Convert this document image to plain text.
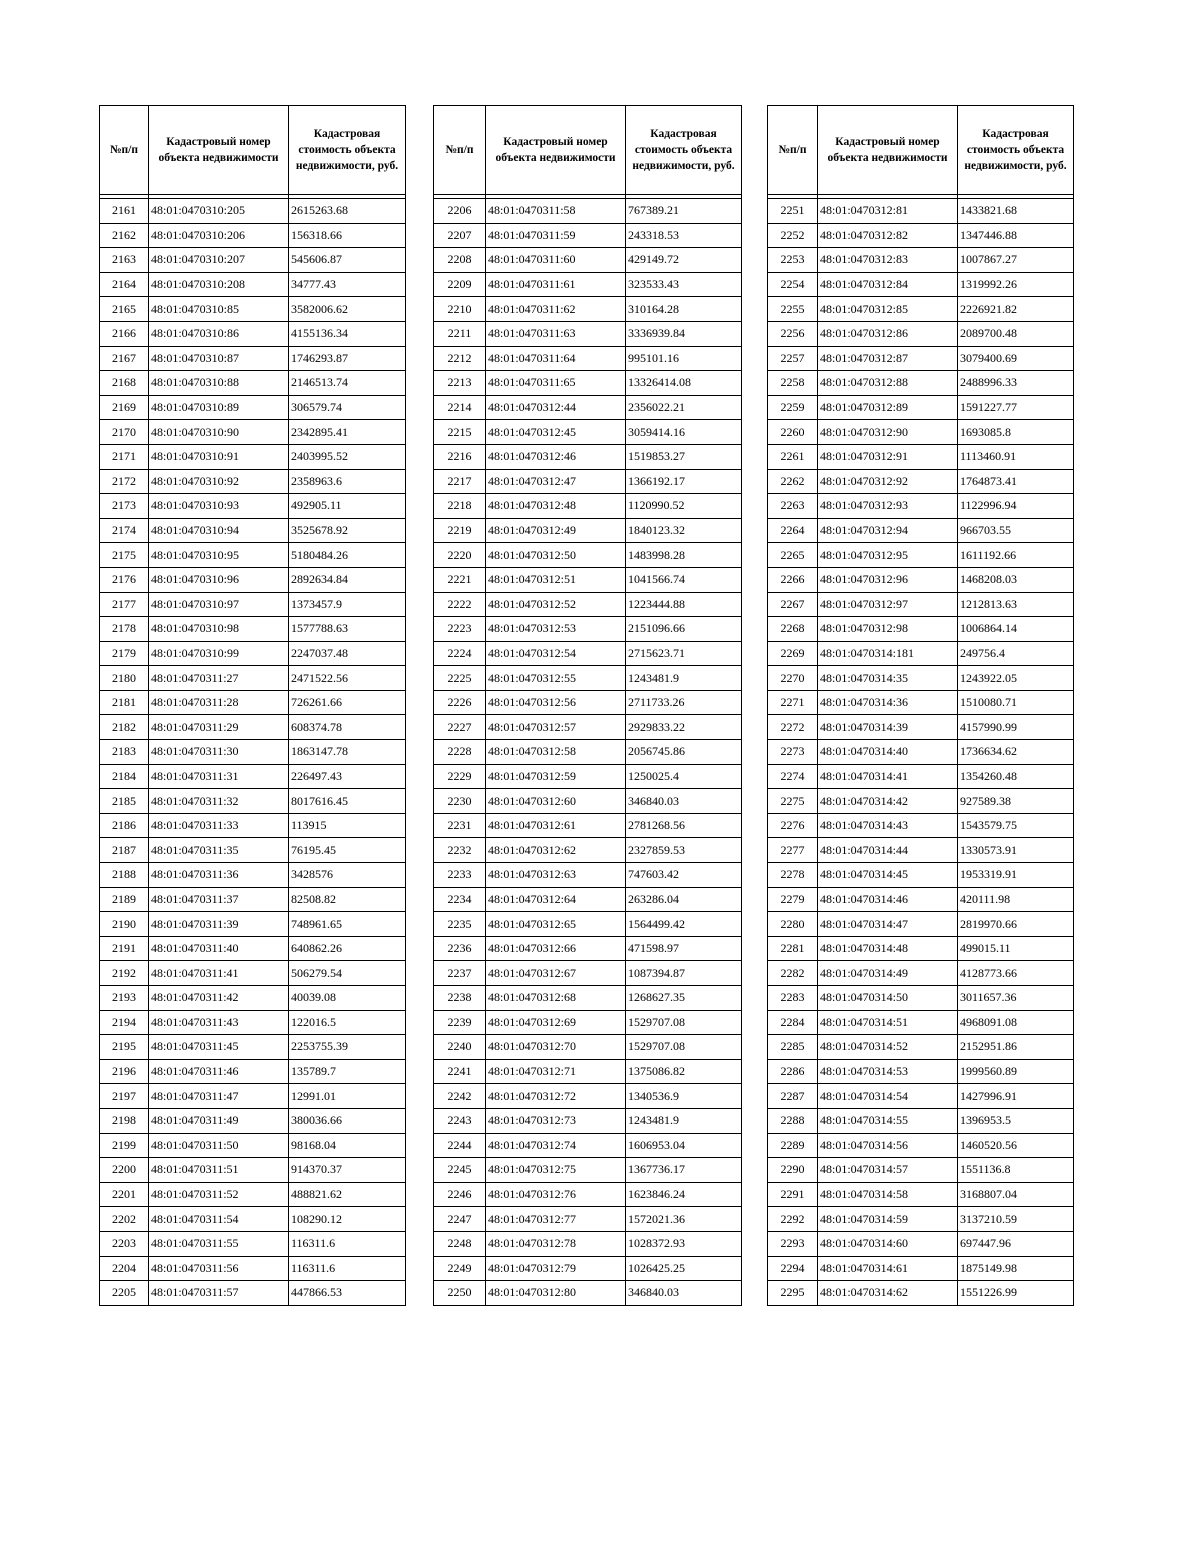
№п/п	Кадастровый номер объекта недвижимости	Кадастровая стоимость объекта недвижимости, руб.

2161	48:01:0470310:205	2615263.68
2162	48:01:0470310:206	156318.66
2163	48:01:0470310:207	545606.87
2164	48:01:0470310:208	34777.43
2165	48:01:0470310:85	3582006.62
2166	48:01:0470310:86	4155136.34
2167	48:01:0470310:87	1746293.87
2168	48:01:0470310:88	2146513.74
2169	48:01:0470310:89	306579.74
2170	48:01:0470310:90	2342895.41
2171	48:01:0470310:91	2403995.52
2172	48:01:0470310:92	2358963.6
2173	48:01:0470310:93	492905.11
2174	48:01:0470310:94	3525678.92
2175	48:01:0470310:95	5180484.26
2176	48:01:0470310:96	2892634.84
2177	48:01:0470310:97	1373457.9
2178	48:01:0470310:98	1577788.63
2179	48:01:0470310:99	2247037.48
2180	48:01:0470311:27	2471522.56
2181	48:01:0470311:28	726261.66
2182	48:01:0470311:29	608374.78
2183	48:01:0470311:30	1863147.78
2184	48:01:0470311:31	226497.43
2185	48:01:0470311:32	8017616.45
2186	48:01:0470311:33	113915
2187	48:01:0470311:35	76195.45
2188	48:01:0470311:36	3428576
2189	48:01:0470311:37	82508.82
2190	48:01:0470311:39	748961.65
2191	48:01:0470311:40	640862.26
2192	48:01:0470311:41	506279.54
2193	48:01:0470311:42	40039.08
2194	48:01:0470311:43	122016.5
2195	48:01:0470311:45	2253755.39
2196	48:01:0470311:46	135789.7
2197	48:01:0470311:47	12991.01
2198	48:01:0470311:49	380036.66
2199	48:01:0470311:50	98168.04
2200	48:01:0470311:51	914370.37
2201	48:01:0470311:52	488821.62
2202	48:01:0470311:54	108290.12
2203	48:01:0470311:55	116311.6
2204	48:01:0470311:56	116311.6
2205	48:01:0470311:57	447866.53
№п/п	Кадастровый номер объекта недвижимости	Кадастровая стоимость объекта недвижимости, руб.

2206	48:01:0470311:58	767389.21
2207	48:01:0470311:59	243318.53
2208	48:01:0470311:60	429149.72
2209	48:01:0470311:61	323533.43
2210	48:01:0470311:62	310164.28
2211	48:01:0470311:63	3336939.84
2212	48:01:0470311:64	995101.16
2213	48:01:0470311:65	13326414.08
2214	48:01:0470312:44	2356022.21
2215	48:01:0470312:45	3059414.16
2216	48:01:0470312:46	1519853.27
2217	48:01:0470312:47	1366192.17
2218	48:01:0470312:48	1120990.52
2219	48:01:0470312:49	1840123.32
2220	48:01:0470312:50	1483998.28
2221	48:01:0470312:51	1041566.74
2222	48:01:0470312:52	1223444.88
2223	48:01:0470312:53	2151096.66
2224	48:01:0470312:54	2715623.71
2225	48:01:0470312:55	1243481.9
2226	48:01:0470312:56	2711733.26
2227	48:01:0470312:57	2929833.22
2228	48:01:0470312:58	2056745.86
2229	48:01:0470312:59	1250025.4
2230	48:01:0470312:60	346840.03
2231	48:01:0470312:61	2781268.56
2232	48:01:0470312:62	2327859.53
2233	48:01:0470312:63	747603.42
2234	48:01:0470312:64	263286.04
2235	48:01:0470312:65	1564499.42
2236	48:01:0470312:66	471598.97
2237	48:01:0470312:67	1087394.87
2238	48:01:0470312:68	1268627.35
2239	48:01:0470312:69	1529707.08
2240	48:01:0470312:70	1529707.08
2241	48:01:0470312:71	1375086.82
2242	48:01:0470312:72	1340536.9
2243	48:01:0470312:73	1243481.9
2244	48:01:0470312:74	1606953.04
2245	48:01:0470312:75	1367736.17
2246	48:01:0470312:76	1623846.24
2247	48:01:0470312:77	1572021.36
2248	48:01:0470312:78	1028372.93
2249	48:01:0470312:79	1026425.25
2250	48:01:0470312:80	346840.03
№п/п	Кадастровый номер объекта недвижимости	Кадастровая стоимость объекта недвижимости, руб.

2251	48:01:0470312:81	1433821.68
2252	48:01:0470312:82	1347446.88
2253	48:01:0470312:83	1007867.27
2254	48:01:0470312:84	1319992.26
2255	48:01:0470312:85	2226921.82
2256	48:01:0470312:86	2089700.48
2257	48:01:0470312:87	3079400.69
2258	48:01:0470312:88	2488996.33
2259	48:01:0470312:89	1591227.77
2260	48:01:0470312:90	1693085.8
2261	48:01:0470312:91	1113460.91
2262	48:01:0470312:92	1764873.41
2263	48:01:0470312:93	1122996.94
2264	48:01:0470312:94	966703.55
2265	48:01:0470312:95	1611192.66
2266	48:01:0470312:96	1468208.03
2267	48:01:0470312:97	1212813.63
2268	48:01:0470312:98	1006864.14
2269	48:01:0470314:181	249756.4
2270	48:01:0470314:35	1243922.05
2271	48:01:0470314:36	1510080.71
2272	48:01:0470314:39	4157990.99
2273	48:01:0470314:40	1736634.62
2274	48:01:0470314:41	1354260.48
2275	48:01:0470314:42	927589.38
2276	48:01:0470314:43	1543579.75
2277	48:01:0470314:44	1330573.91
2278	48:01:0470314:45	1953319.91
2279	48:01:0470314:46	420111.98
2280	48:01:0470314:47	2819970.66
2281	48:01:0470314:48	499015.11
2282	48:01:0470314:49	4128773.66
2283	48:01:0470314:50	3011657.36
2284	48:01:0470314:51	4968091.08
2285	48:01:0470314:52	2152951.86
2286	48:01:0470314:53	1999560.89
2287	48:01:0470314:54	1427996.91
2288	48:01:0470314:55	1396953.5
2289	48:01:0470314:56	1460520.56
2290	48:01:0470314:57	1551136.8
2291	48:01:0470314:58	3168807.04
2292	48:01:0470314:59	3137210.59
2293	48:01:0470314:60	697447.96
2294	48:01:0470314:61	1875149.98
2295	48:01:0470314:62	1551226.99
